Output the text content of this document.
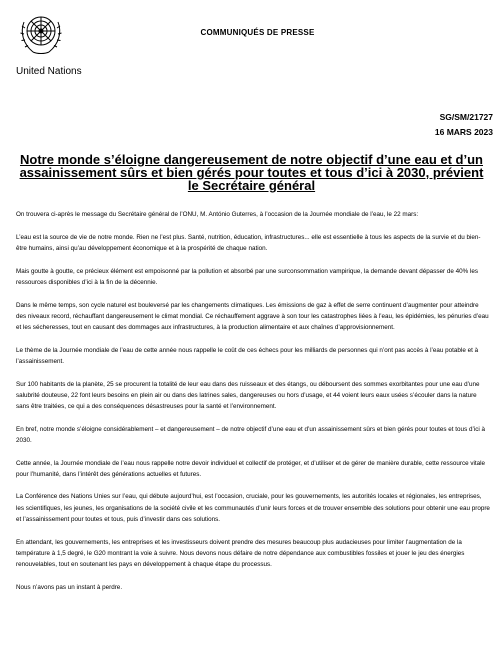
United Nations
COMMUNIQUÉS DE PRESSE
SG/SM/21727
16 MARS 2023
Notre monde s’éloigne dangereusement de notre objectif d’une eau et d’un assainissement sûrs et bien gérés pour toutes et tous d’ici à 2030, prévient le Secrétaire général

On trouvera ci-après le message du Secrétaire général de l’ONU, M. António Guterres, à l’occasion de la Journée mondiale de l’eau, le 22 mars:

L’eau est la source de vie de notre monde. Rien ne l’est plus. Santé, nutrition, éducation, infrastructures... elle est essentielle à tous les aspects de la survie et du bien-être humains, ainsi qu’au développement économique et à la prospérité de chaque nation.

Mais goutte à goutte, ce précieux élément est empoisonné par la pollution et absorbé par une surconsommation vampirique, la demande devant dépasser de 40% les ressources disponibles d’ici à la fin de la décennie.

Dans le même temps, son cycle naturel est bouleversé par les changements climatiques. Les émissions de gaz à effet de serre continuent d’augmenter pour atteindre des niveaux record, réchauffant dangereusement le climat mondial. Ce réchauffement aggrave à son tour les catastrophes liées à l’eau, les épidémies, les pénuries d’eau et les sécheresses, tout en causant des dommages aux infrastructures, à la production alimentaire et aux chaînes d’approvisionnement.

Le thème de la Journée mondiale de l’eau de cette année nous rappelle le coût de ces échecs pour les milliards de personnes qui n’ont pas accès à l’eau potable et à l’assainissement.

Sur 100 habitants de la planète, 25 se procurent la totalité de leur eau dans des ruisseaux et des étangs, ou déboursent des sommes exorbitantes pour une eau d’une salubrité douteuse, 22 font leurs besoins en plein air ou dans des latrines sales, dangereuses ou hors d’usage, et 44 voient leurs eaux usées s’écouler dans la nature sans être traitées, ce qui a des conséquences désastreuses pour la santé et l’environnement.

En bref, notre monde s’éloigne considérablement – et dangereusement – de notre objectif d’une eau et d’un assainissement sûrs et bien gérés pour toutes et tous d’ici à 2030.

Cette année, la Journée mondiale de l’eau nous rappelle notre devoir individuel et collectif de protéger, et d’utiliser et de gérer de manière durable, cette ressource vitale pour l’humanité, dans l’intérêt des générations actuelles et futures.

La Conférence des Nations Unies sur l’eau, qui débute aujourd’hui, est l’occasion, cruciale, pour les gouvernements, les autorités locales et régionales, les entreprises, les scientifiques, les jeunes, les organisations de la société civile et les communautés d’unir leurs forces et de trouver ensemble des solutions pour obtenir une eau propre et l’assainissement pour toutes et tous, puis d’investir dans ces solutions.

En attendant, les gouvernements, les entreprises et les investisseurs doivent prendre des mesures beaucoup plus audacieuses pour limiter l’augmentation de la température à 1,5 degré, le G20 montrant la voie à suivre. Nous devons nous défaire de notre dépendance aux combustibles fossiles et jouer le jeu des énergies renouvelables, tout en soutenant les pays en développement à chaque étape du processus.

Nous n’avons pas un instant à perdre.
